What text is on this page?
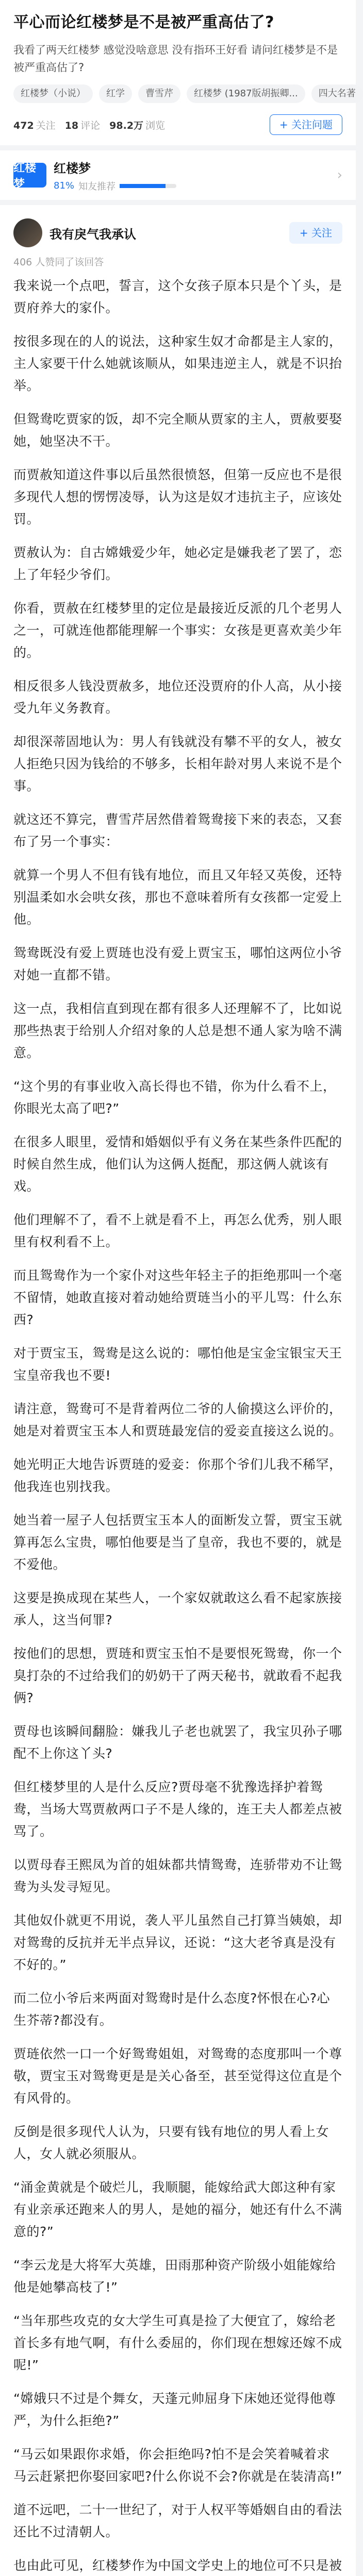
平心而论红楼梦是不是被严重高估了?

我看了两天红楼梦 感觉没啥意思 没有指环王好看 请问红楼梦是不是被严重高估了?

红楼梦（小说）	红学	曹雪芹	红楼梦 (1987版胡振卿...	四大名著
472 关注 18 评论 98.2万 浏览	+ 关注问题
红楼梦
红楼梦
81% 知友推荐
›
我有戾气我承认	+ 关注
406 人赞同了该回答

我来说一个点吧，誓言，这个女孩子原本只是个丫头，是贾府养大的家仆。

按很多现在的人的说法，这种家生奴才命都是主人家的，主人家要干什么她就该顺从，如果违逆主人，就是不识抬举。

但鸳鸯吃贾家的饭，却不完全顺从贾家的主人，贾赦要娶她，她坚决不干。

而贾赦知道这件事以后虽然很愤怒，但第一反应也不是很多现代人想的愣愣凌辱，认为这是奴才违抗主子，应该处罚。

贾赦认为：自古嫦娥爱少年，她必定是嫌我老了罢了，恋上了年轻少爷们。

你看，贾赦在红楼梦里的定位是最接近反派的几个老男人之一，可就连他都能理解一个事实：女孩是更喜欢美少年的。

相反很多人钱没贾赦多，地位还没贾府的仆人高，从小接受九年义务教育。

却很深蒂固地认为：男人有钱就没有攀不平的女人，被女人拒绝只因为钱给的不够多，长相年龄对男人来说不是个事。

就这还不算完，曹雪芹居然借着鸳鸯接下来的表态，又套布了另一个事实：

就算一个男人不但有钱有地位，而且又年轻又英俊，还特别温柔如水会哄女孩，那也不意味着所有女孩都一定爱上他。

鸳鸯既没有爱上贾琏也没有爱上贾宝玉，哪怕这两位小爷对她一直都不错。

这一点，我相信直到现在都有很多人还理解不了，比如说那些热衷于给别人介绍对象的人总是想不通人家为啥不满意。

“这个男的有事业收入高长得也不错，你为什么看不上，你眼光太高了吧?”

在很多人眼里，爱情和婚姻似乎有义务在某些条件匹配的时候自然生成，他们认为这俩人挺配，那这俩人就该有戏。

他们理解不了，看不上就是看不上，再怎么优秀，别人眼里有权利看不上。

而且鸳鸯作为一个家仆对这些年轻主子的拒绝那叫一个毫不留情，她敢直接对着动她给贾琏当小的平儿骂：什么东西?

对于贾宝玉，鸳鸯是这么说的：哪怕他是宝金宝银宝天王宝皇帝我也不要!

请注意，鸳鸯可不是背着两位二爷的人偷摸这么评价的，她是对着贾宝玉本人和贾琏最宠信的爱妾直接这么说的。

她光明正大地告诉贾琏的爱妾：你那个爷们儿我不稀罕，他我连也别找我。

她当着一屋子人包括贾宝玉本人的面断发立誓，贾宝玉就算再怎么宝贵，哪怕他要是当了皇帝，我也不要的，就是不爱他。

这要是换成现在某些人，一个家奴就敢这么看不起家族接承人，这当何罪?

按他们的思想，贾琏和贾宝玉怕不是要恨死鸳鸯，你一个臭打杂的不过给我们的奶奶干了两天秘书，就敢看不起我俩?

贾母也该瞬间翻脸：嫌我儿子老也就罢了，我宝贝孙子哪配不上你这丫头?

但红楼梦里的人是什么反应?贾母毫不犹豫选择护着鸳鸯，当场大骂贾赦两口子不是人缘的，连王夫人都差点被骂了。

以贾母春王熙凤为首的姐妹都共情鸳鸯，连骄带劝不让鸳鸯为头发寻短见。

其他奴仆就更不用说，袭人平儿虽然自己打算当姨娘，却对鸳鸯的反抗并无半点异议，还说：“这大老爷真是没有不好的。”

而二位小爷后来两面对鸳鸯时是什么态度?怀恨在心?心生芥蒂?都没有。

贾琏依然一口一个好鸳鸯姐姐，对鸳鸯的态度那叫一个尊敬，贾宝玉对鸳鸯更是是关心备至，甚至觉得这位直是个有风骨的。

反倒是很多现代人认为，只要有钱有地位的男人看上女人，女人就必须服从。

“涌金黄就是个破烂儿，我顺腿，能嫁给武大郎这种有家有业亲承还跑来人的男人，是她的福分，她还有什么不满意的?”

“李云龙是大将军大英雄，田雨那种资产阶级小姐能嫁给他是她攀高枝了!”

“当年那些攻克的女大学生可真是捡了大便宜了，嫁给老首长多有地气啊，有什么委屈的，你们现在想嫁还嫁不成呢!”

“嫦娥只不过是个舞女，天蓬元帅屈身下床她还觉得他尊严，为什么拒绝?”

“马云如果跟你求婚，你会拒绝吗?怕不是会笑着喊着求马云赶紧把你娶回家吧?什么你说不会?你就是在装清高!”

道不远吧，二十一世纪了，对于人权平等婚姻自由的看法还比不过清朝人。

也由此可见，红楼梦作为中国文学史上的地位可不只是被
